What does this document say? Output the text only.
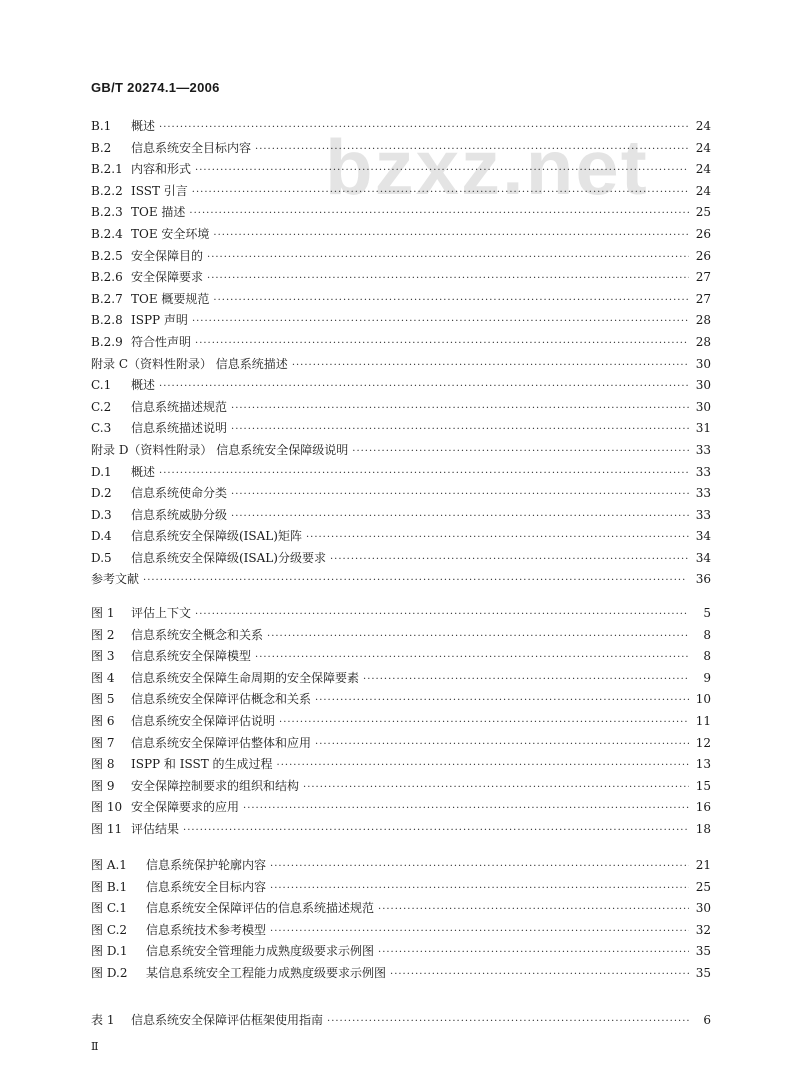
GB/T 20274.1—2006
bzxz.net
B.1	概述 ·····	24
B.2	信息系统安全目标内容 ·····	24
B.2.1 内容和形式 ·····	24
B.2.2 ISST 引言 ·····	24
B.2.3 TOE 描述 ·····	25
B.2.4 TOE 安全环境 ·····	26
B.2.5 安全保障目的 ·····	26
B.2.6 安全保障要求 ·····	27
B.2.7 TOE 概要规范 ·····	27
B.2.8 ISPP 声明 ·····	28
B.2.9 符合性声明 ·····	28
附录 C（资料性附录） 信息系统描述 ·····	30
C.1	概述 ·····	30
C.2	信息系统描述规范 ·····	30
C.3	信息系统描述说明 ·····	31
附录 D（资料性附录） 信息系统安全保障级说明 ·····	33
D.1	概述 ·····	33
D.2	信息系统使命分类 ·····	33
D.3	信息系统威胁分级 ·····	33
D.4	信息系统安全保障级(ISAL)矩阵 ·····	34
D.5	信息系统安全保障级(ISAL)分级要求 ·····	34
参考文献 ·····	36
图 1	评估上下文 ·····	5
图 2	信息系统安全概念和关系 ·····	8
图 3	信息系统安全保障模型 ·····	8
图 4	信息系统安全保障生命周期的安全保障要素 ·····	9
图 5	信息系统安全保障评估概念和关系 ·····	10
图 6	信息系统安全保障评估说明 ·····	11
图 7	信息系统安全保障评估整体和应用 ·····	12
图 8	ISPP 和 ISST 的生成过程 ·····	13
图 9	安全保障控制要求的组织和结构 ·····	15
图 10 安全保障要求的应用 ·····	16
图 11 评估结果 ·····	18
图 A.1	信息系统保护轮廓内容 ·····	21
图 B.1	信息系统安全目标内容 ·····	25
图 C.1	信息系统安全保障评估的信息系统描述规范 ·····	30
图 C.2	信息系统技术参考模型 ·····	32
图 D.1	信息系统安全管理能力成熟度级要求示例图 ·····	35
图 D.2	某信息系统安全工程能力成熟度级要求示例图 ·····	35
表 1	信息系统安全保障评估框架使用指南 ·····	6
Ⅱ
